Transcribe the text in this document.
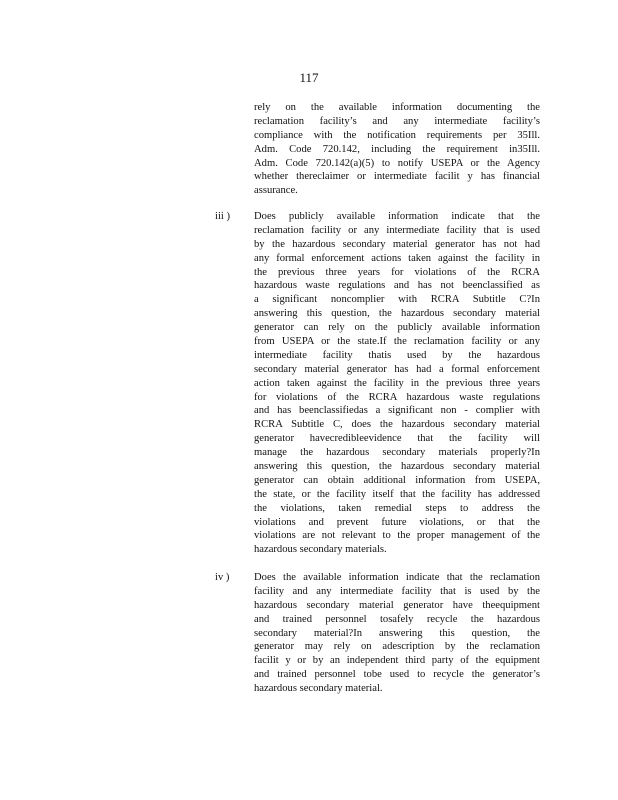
117
rely on the available information documenting the
reclamation facility’s and any intermediate facility’s
compliance with the notification requirements per 35Ill.
Adm. Code 720.142, including the requirement in35Ill.
Adm. Code 720.142(a)(5) to notify USEPA or the Agency
whether thereclaimer or intermediate facilit y has financial
assurance.
iii ) Does publicly available information indicate that the
reclamation facility or any intermediate facility that is used
by the hazardous secondary material generator has not had
any formal enforcement actions taken against the facility in
the previous three years for violations of the RCRA
hazardous waste regulations and has not beenclassified as
a significant noncomplier with RCRA Subtitle C?In
answering this question, the hazardous secondary material
generator can rely on the publicly available information
from USEPA or the state.If the reclamation facility or any
intermediate facility thatis used by the hazardous
secondary material generator has had a formal enforcement
action taken against the facility in the previous three years
for violations of the RCRA hazardous waste regulations
and has beenclassifiedas a significant non - complier with
RCRA Subtitle C, does the hazardous secondary material
generator havecredibleevidence that the facility will
manage the hazardous secondary materials properly?In
answering this question, the hazardous secondary material
generator can obtain additional information from USEPA,
the state, or the facility itself that the facility has addressed
the violations, taken remedial steps to address the
violations and prevent future violations, or that the
violations are not relevant to the proper management of the
hazardous secondary materials.
iv ) Does the available information indicate that the reclamation
facility and any intermediate facility that is used by the
hazardous secondary material generator have theequipment
and trained personnel tosafely recycle the hazardous
secondary material?In answering this question, the
generator may rely on adescription by the reclamation
facilit y or by an independent third party of the equipment
and trained personnel tobe used to recycle the generator’s
hazardous secondary material.
